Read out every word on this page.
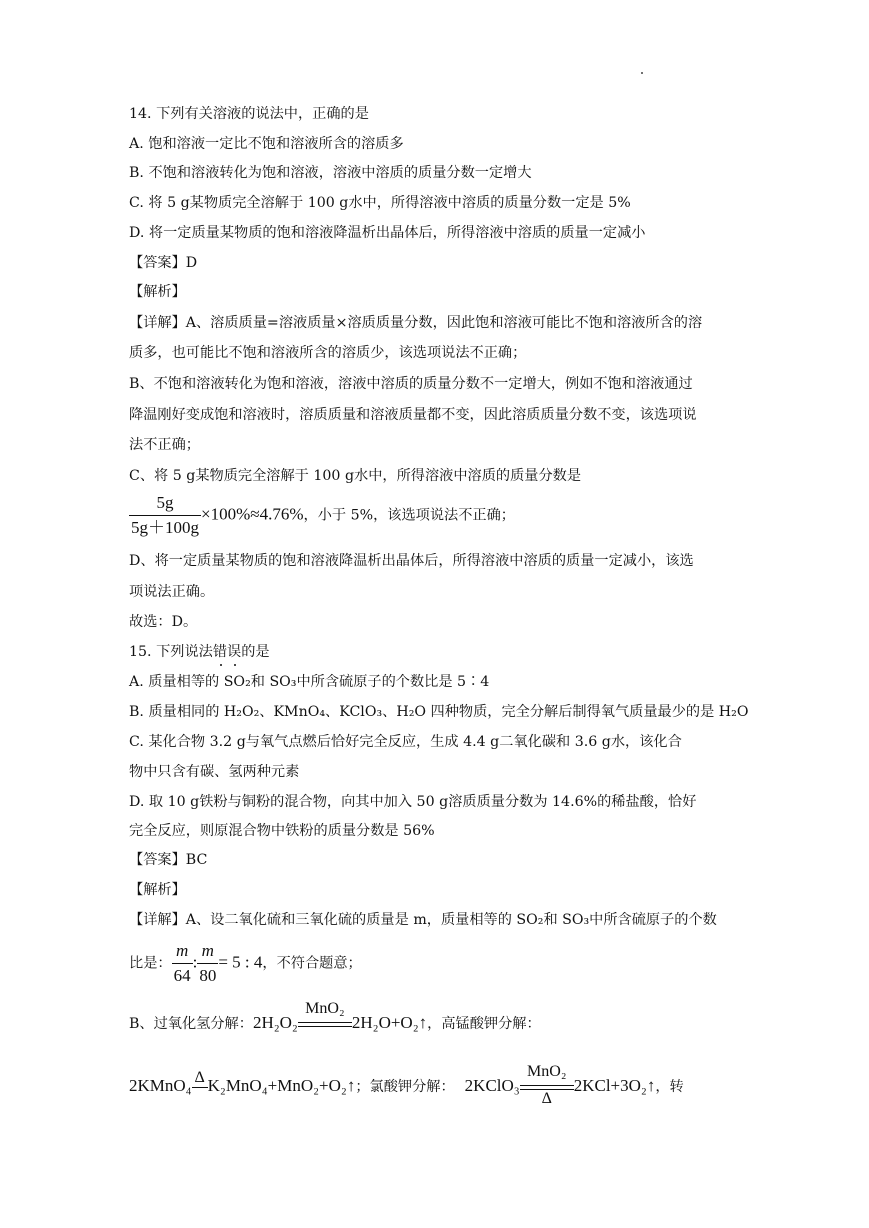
14. 下列有关溶液的说法中，正确的是
A. 饱和溶液一定比不饱和溶液所含的溶质多
B. 不饱和溶液转化为饱和溶液，溶液中溶质的质量分数一定增大
C. 将 5 g某物质完全溶解于 100 g水中，所得溶液中溶质的质量分数一定是 5%
D. 将一定质量某物质的饱和溶液降温析出晶体后，所得溶液中溶质的质量一定减小
【答案】D
【解析】
【详解】A、溶质质量=溶液质量×溶质质量分数，因此饱和溶液可能比不饱和溶液所含的溶
质多，也可能比不饱和溶液所含的溶质少，该选项说法不正确；
B、不饱和溶液转化为饱和溶液，溶液中溶质的质量分数不一定增大，例如不饱和溶液通过
降温刚好变成饱和溶液时，溶质质量和溶液质量都不变，因此溶质质量分数不变，该选项说
法不正确；
C、将 5 g某物质完全溶解于 100 g水中，所得溶液中溶质的质量分数是
$\frac{5g}{5g+100g} \times 100\%\approx 4.76\%$，小于 5%，该选项说法不正确；
D、将一定质量某物质的饱和溶液降温析出晶体后，所得溶液中溶质的质量一定减小，该选
项说法正确。
故选：D。
15. 下列说法错误的是
A. 质量相等的 SO₂和 SO₃中所含硫原子的个数比是 5∶4
B. 质量相同的 H₂O₂、KMnO₄、KClO₃、H₂O 四种物质，完全分解后制得氧气质量最少的是 H₂O
C. 某化合物 3.2 g与氧气点燃后恰好完全反应，生成 4.4 g二氧化碳和 3.6 g水，该化合
物中只含有碳、氢两种元素
D. 取 10 g铁粉与铜粉的混合物，向其中加入 50 g溶质质量分数为 14.6%的稀盐酸，恰好
完全反应，则原混合物中铁粉的质量分数是 56%
【答案】BC
【解析】
【详解】A、设二氧化硫和三氧化硫的质量是 m，质量相等的 SO₂和 SO₃中所含硫原子的个数
比是： $\frac{m}{64}$ : $\frac{m}{80} = 5$ : 4，不符合题意；
B、过氧化氢分解：2H₂O₂
MnO₂
2H₂O+O₂↑，高锰酸钾分解：
2KMnO₄ Δ K₂MnO₄+MnO₂+O₂↑；氯酸钾分解： 2KClO₃
MnO₂
Δ
2KCl+3O₂↑，转
